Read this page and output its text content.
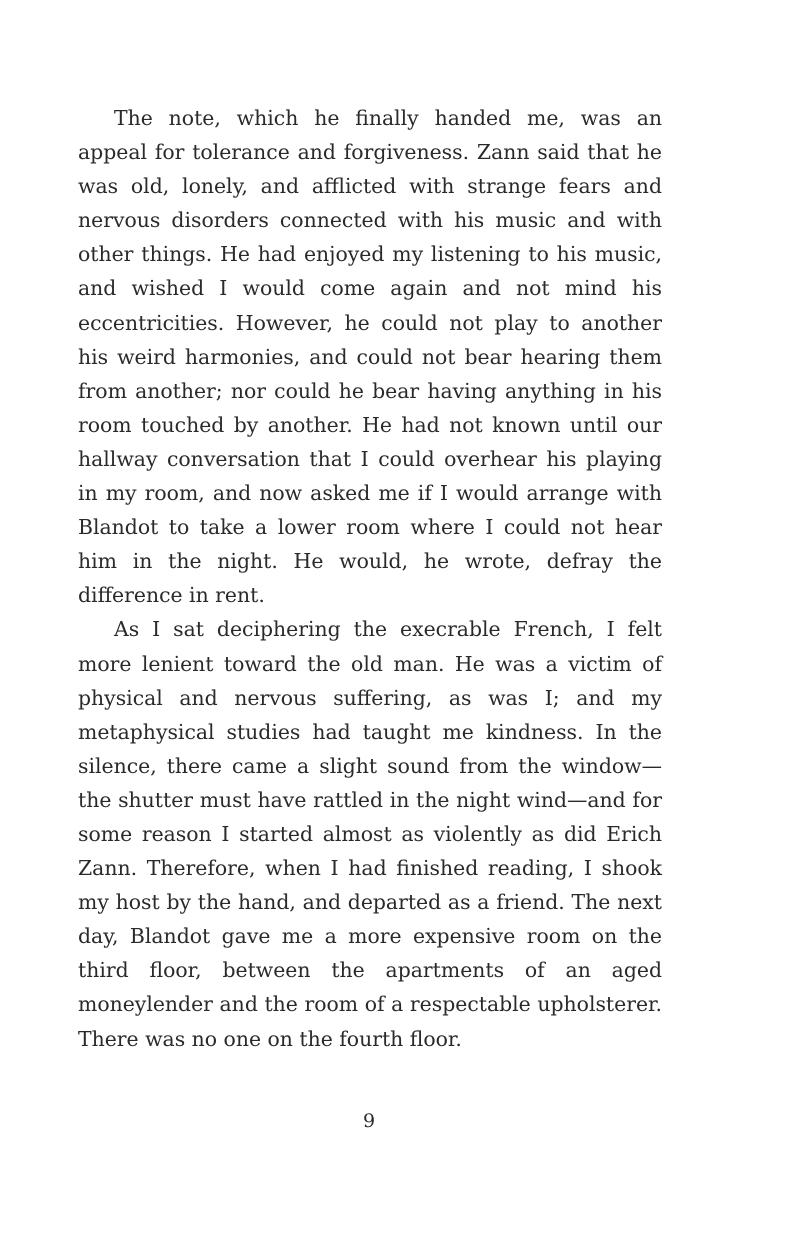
The note, which he finally handed me, was an appeal for tolerance and forgiveness. Zann said that he was old, lonely, and afflicted with strange fears and nervous disorders connected with his music and with other things. He had enjoyed my listening to his music, and wished I would come again and not mind his eccentricities. However, he could not play to another his weird harmonies, and could not bear hearing them from another; nor could he bear having anything in his room touched by another. He had not known until our hallway conversation that I could overhear his playing in my room, and now asked me if I would arrange with Blandot to take a lower room where I could not hear him in the night. He would, he wrote, defray the difference in rent.

As I sat deciphering the execrable French, I felt more lenient toward the old man. He was a victim of physical and nervous suffering, as was I; and my metaphysical studies had taught me kindness. In the silence, there came a slight sound from the window—the shutter must have rattled in the night wind—and for some reason I started almost as violently as did Erich Zann. Therefore, when I had finished reading, I shook my host by the hand, and departed as a friend. The next day, Blandot gave me a more expensive room on the third floor, between the apartments of an aged moneylender and the room of a respectable upholsterer. There was no one on the fourth floor.

9
